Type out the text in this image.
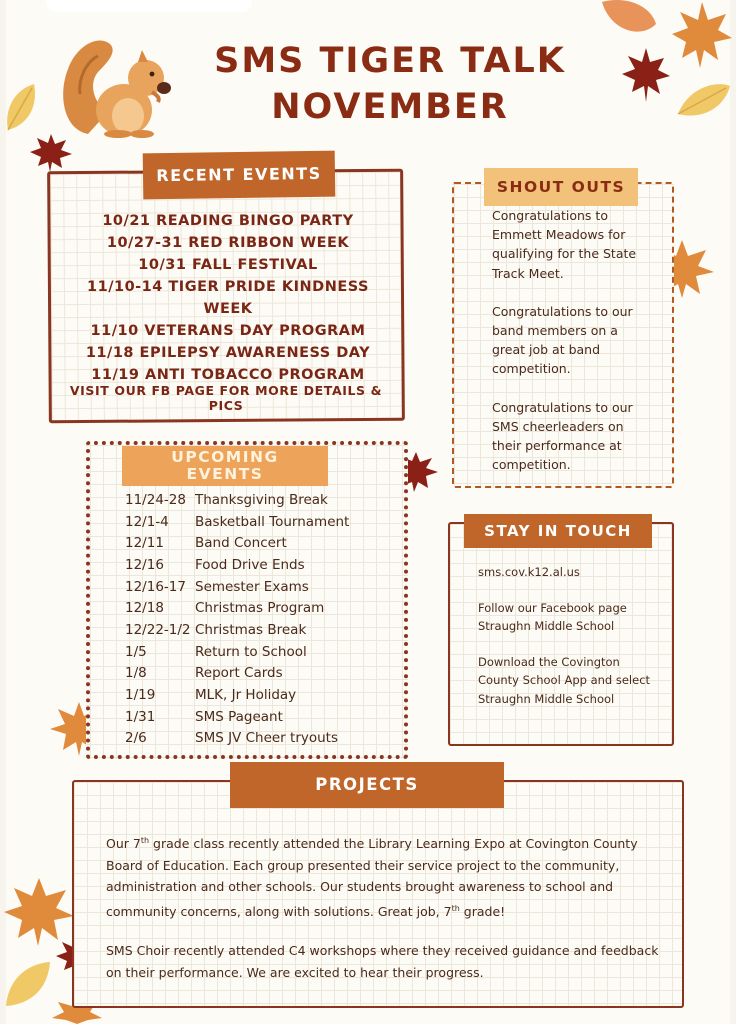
SMS TIGER TALK
NOVEMBER
RECENT EVENTS
10/21 READING BINGO PARTY
10/27-31 RED RIBBON WEEK
10/31 FALL FESTIVAL
11/10-14 TIGER PRIDE KINDNESS WEEK
11/10 VETERANS DAY PROGRAM
11/18 EPILEPSY AWARENESS DAY
11/19 ANTI TOBACCO PROGRAM
VISIT OUR FB PAGE FOR MORE DETAILS & PICS
SHOUT OUTS

Congratulations to Emmett Meadows for qualifying for the State Track Meet.

Congratulations to our band members on a great job at band competition.

Congratulations to our SMS cheerleaders on their performance at competition.

UPCOMING
EVENTS
11/24-28 Thanksgiving Break
12/1-4	Basketball Tournament
12/11	Band Concert
12/16	Food Drive Ends
12/16-17 Semester Exams
12/18	Christmas Program
12/22-1/2 Christmas Break
1/5	Return to School
1/8	Report Cards
1/19	MLK, Jr Holiday
1/31	SMS Pageant
2/6	SMS JV Cheer tryouts
STAY IN TOUCH

sms.cov.k12.al.us

Follow our Facebook page Straughn Middle School

Download the Covington County School App and select Straughn Middle School

PROJECTS

Our 7th grade class recently attended the Library Learning Expo at Covington County Board of Education. Each group presented their service project to the community, administration and other schools. Our students brought awareness to school and community concerns, along with solutions. Great job, 7th grade!

SMS Choir recently attended C4 workshops where they received guidance and feedback on their performance. We are excited to hear their progress.
